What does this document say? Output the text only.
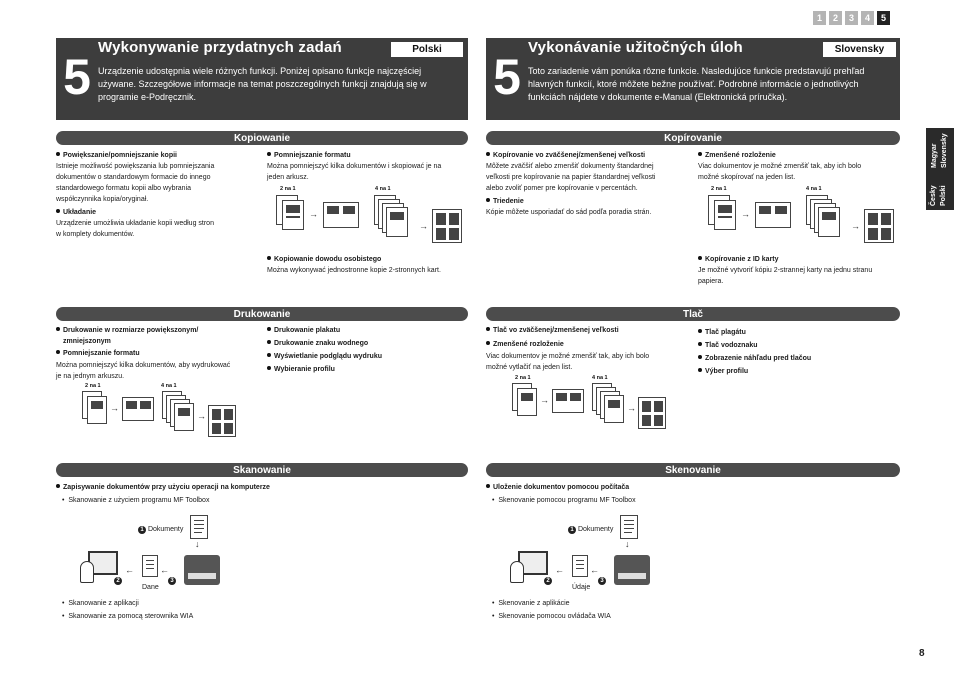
1	2	3	4	5
5
Wykonywanie przydatnych zadań	Polski
Urządzenie udostępnia wiele różnych funkcji. Poniżej opisano funkcje najczęściej
używane. Szczegółowe informacje na temat poszczególnych funkcji znajdują się w
programie e-Podręcznik.	5
Vykonávanie užitočných úloh	Slovensky
Toto zariadenie vám ponúka rôzne funkcie. Nasledujúce funkcie predstavujú prehľad
hlavných funkcií, ktoré môžete bežne používať. Podrobné informácie o jednotlivých
funkciách nájdete v dokumente e-Manual (Elektronická príručka).
Česky Polski
Magyar Slovensky
Kopiowanie
Powiększanie/pomniejszanie kopii
Istnieje możliwość powiększania lub pomniejszania
dokumentów o standardowym formacie do innego
standardowego formatu kopii albo wybrania
współczynnika kopia/oryginał.
Układanie
Urządzenie umożliwia układanie kopii według stron
w komplety dokumentów.
Pomniejszanie formatu
Można pomniejszyć kilka dokumentów i skopiować je na
jeden arkusz.
2 na 1	4 na 1
→
→
Kopiowanie dowodu osobistego
Można wykonywać jednostronne kopie 2-stronnych kart.
Kopírovanie
Kopírovanie vo zväčšenej/zmenšenej veľkosti
Môžete zväčšiť alebo zmenšiť dokumenty štandardnej
veľkosti pre kopírovanie na papier štandardnej veľkosti
alebo zvoliť pomer pre kopírovanie v percentách.
Triedenie
Kópie môžete usporiadať do sád podľa poradia strán.
Zmenšené rozloženie
Viac dokumentov je možné zmenšiť tak, aby ich bolo
možné skopírovať na jeden list.
2 na 1	4 na 1
→
→
Kopírovanie z ID karty
Je možné vytvoriť kópiu 2-strannej karty na jednu stranu
papiera.
Drukowanie
Drukowanie w rozmiarze powiększonym/
zmniejszonym
Pomniejszanie formatu
Można pomniejszyć kilka dokumentów, aby wydrukować
je na jednym arkuszu.
2 na 1	4 na 1
→
→
Drukowanie plakatu
Drukowanie znaku wodnego
Wyświetlanie podglądu wydruku
Wybieranie profilu
Tlač
Tlač vo zväčšenej/zmenšenej veľkosti
Zmenšené rozloženie
Viac dokumentov je možné zmenšiť tak, aby ich bolo
možné vytlačiť na jeden list.
2 na 1	4 na 1
→
→
Tlač plagátu
Tlač vodoznaku
Zobrazenie náhľadu pred tlačou
Výber profilu
Skanowanie
Zapisywanie dokumentów przy użyciu operacji na komputerze
•  Skanowanie z użyciem programu MF Toolbox
1 Dokumenty
↓
2
←
Dane
←
3
•  Skanowanie z aplikacji
•  Skanowanie za pomocą sterownika WIA
Skenovanie
Uloženie dokumentov pomocou počítača
•  Skenovanie pomocou programu MF Toolbox
1 Dokumenty
↓
2
←
Údaje
←
3
•  Skenovanie z aplikácie
•  Skenovanie pomocou ovládača WIA
8
